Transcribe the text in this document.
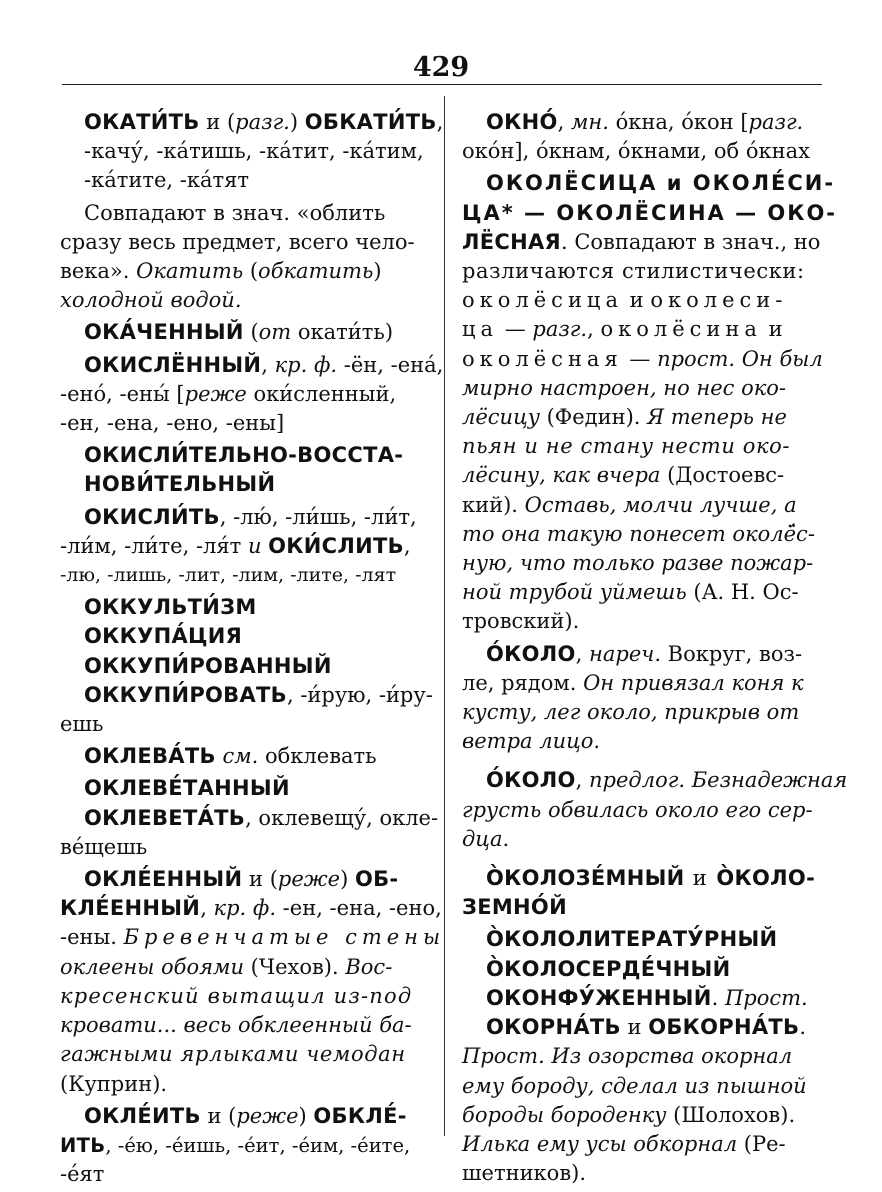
429
ОКАТИ́ТЬ и (разг.) ОБКАТИ́ТЬ,
-качу́, -ка́тишь, -ка́тит, -ка́тим,
-ка́тите, -ка́тят
Совпадают в знач. «облить
сразу весь предмет, всего чело-
века». Окатить (обкатить)
холодной водой.
ОКА́ЧЕННЫЙ (от окати́ть)
ОКИСЛЁННЫЙ, кр. ф. -ён, -ена́,
-ено́, -ены́ [реже оки́сленный,
-ен, -ена, -ено, -ены]
ОКИСЛИ́ТЕЛЬНО-ВОССТА-
НОВИ́ТЕЛЬНЫЙ
ОКИСЛИ́ТЬ, -лю́, -ли́шь, -ли́т,
-ли́м, -ли́те, -ля́т и ОКИ́СЛИТЬ,
-лю, -лишь, -лит, -лим, -лите, -лят
ОККУЛЬТИ́ЗМ
ОККУПА́ЦИЯ
ОККУПИ́РОВАННЫЙ
ОККУПИ́РОВАТЬ, -и́рую, -и́ру-
ешь
ОКЛЕВА́ТЬ см. обклевать
ОКЛЕВЕ́ТАННЫЙ
ОКЛЕВЕТА́ТЬ, оклевещу́, окле-
ве́щешь
ОКЛЕ́ЕННЫЙ и (реже) ОБ-
КЛЕ́ЕННЫЙ, кр. ф. -ен, -ена, -ено,
-ены. Бревенчатые стены
оклеены обоями (Чехов). Вос-
кресенский вытащил из-под
кровати... весь обклеенный ба-
гажными ярлыками чемодан
(Куприн).
ОКЛЕ́ИТЬ и (реже) ОБКЛЕ́-
ИТЬ, -е́ю, -е́ишь, -е́ит, -е́им, -е́ите,
-е́ят
ОКНО́, мн. о́кна, о́кон [разг.
око́н], о́кнам, о́кнами, об о́кнах
ОКОЛЁСИЦА и ОКОЛЕ́СИ-
ЦА* — ОКОЛЁСИНА — ОКО-
ЛЁСНАЯ. Совпадают в знач., но
различаются стилистически:
околёсица и околеси-
ца — разг., околёсина и
околёсная — прост. Он был
мирно настроен, но нес око-
лёсицу (Федин). Я теперь не
пьян и не стану нести око-
лёсину, как вчера (Достоевс-
кий). Оставь, молчи лучше, а
то она такую понесет околё́с-
ную, что только разве пожар-
ной трубой уймешь (А. Н. Ос-
тровский).
О́КОЛО, нареч. Вокруг, воз-
ле, рядом. Он привязал коня к
кусту, лег около, прикрыв от
ветра лицо.
О́КОЛО, предлог. Безнадежная
грусть обвилась около его сер-
дца.
О̀КОЛОЗЕ́МНЫЙ и О̀КОЛО-
ЗЕМНО́Й
О̀КОЛОЛИТЕРАТУ́РНЫЙ
О̀КОЛОСЕРДЕ́ЧНЫЙ
ОКОНФУ́ЖЕННЫЙ. Прост.
ОКОРНА́ТЬ и ОБКОРНА́ТЬ.
Прост. Из озорства окорнал
ему бороду, сделал из пышной
бороды бороденку (Шолохов).
Илька ему усы обкорнал (Ре-
шетников).
